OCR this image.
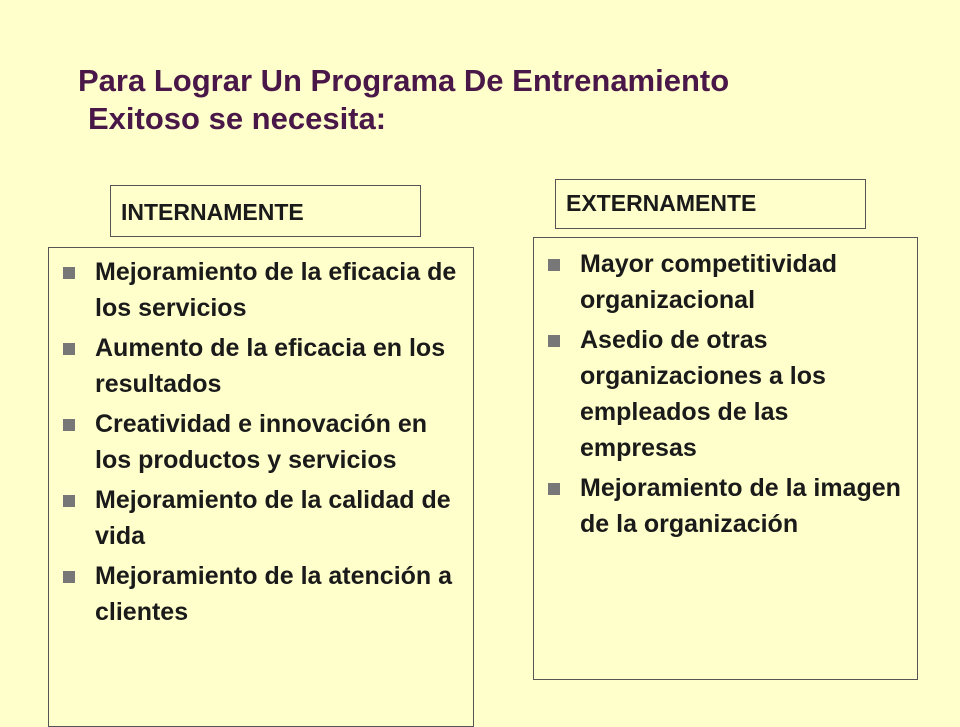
Para Lograr Un Programa De Entrenamiento
Exitoso se necesita:
INTERNAMENTE	EXTERNAMENTE
Mejoramiento de la eficacia de los servicios
Aumento de la eficacia en los resultados
Creatividad e innovación en los productos y servicios
Mejoramiento de la calidad de vida
Mejoramiento de la atención a clientes
Mayor competitividad organizacional
Asedio de otras organizaciones a los empleados de las empresas
Mejoramiento de la imagen de la organización
